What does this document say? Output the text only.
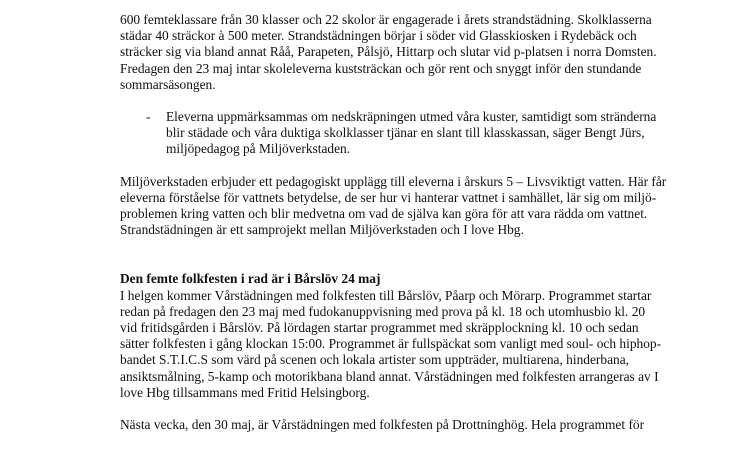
600 femteklassare från 30 klasser och 22 skolor är engagerade i årets strandstädning. Skolklasserna
städar 40 sträckor à 500 meter. Strandstädningen börjar i söder vid Glasskiosken i Rydebäck och
sträcker sig via bland annat Råå, Parapeten, Pålsjö, Hittarp och slutar vid p-platsen i norra Domsten.
Fredagen den 23 maj intar skoleleverna kuststräckan och gör rent och snyggt inför den stundande
sommarsäsongen.
- Eleverna uppmärksammas om nedskräpningen utmed våra kuster, samtidigt som stränderna
blir städade och våra duktiga skolklasser tjänar en slant till klasskassan, säger Bengt Jürs,
miljöpedagog på Miljöverkstaden.
Miljöverkstaden erbjuder ett pedagogiskt upplägg till eleverna i årskurs 5 – Livsviktigt vatten. Här får
eleverna förståelse för vattnets betydelse, de ser hur vi hanterar vattnet i samhället, lär sig om miljö-
problemen kring vatten och blir medvetna om vad de själva kan göra för att vara rädda om vattnet.
Strandstädningen är ett samprojekt mellan Miljöverkstaden och I love Hbg.
Den femte folkfesten i rad är i Bårslöv 24 maj
I helgen kommer Vårstädningen med folkfesten till Bårslöv, Påarp och Mörarp. Programmet startar
redan på fredagen den 23 maj med fudokanuppvisning med prova på kl. 18 och utomhusbio kl. 20
vid fritidsgården i Bårslöv. På lördagen startar programmet med skräpplockning kl. 10 och sedan
sätter folkfesten i gång klockan 15:00. Programmet är fullspäckat som vanligt med soul- och hiphop-
bandet S.T.I.C.S som värd på scenen och lokala artister som uppträder, multiarena, hinderbana,
ansiktsmålning, 5-kamp och motorikbana bland annat. Vårstädningen med folkfesten arrangeras av I
love Hbg tillsammans med Fritid Helsingborg.
Nästa vecka, den 30 maj, är Vårstädningen med folkfesten på Drottninghög. Hela programmet för
